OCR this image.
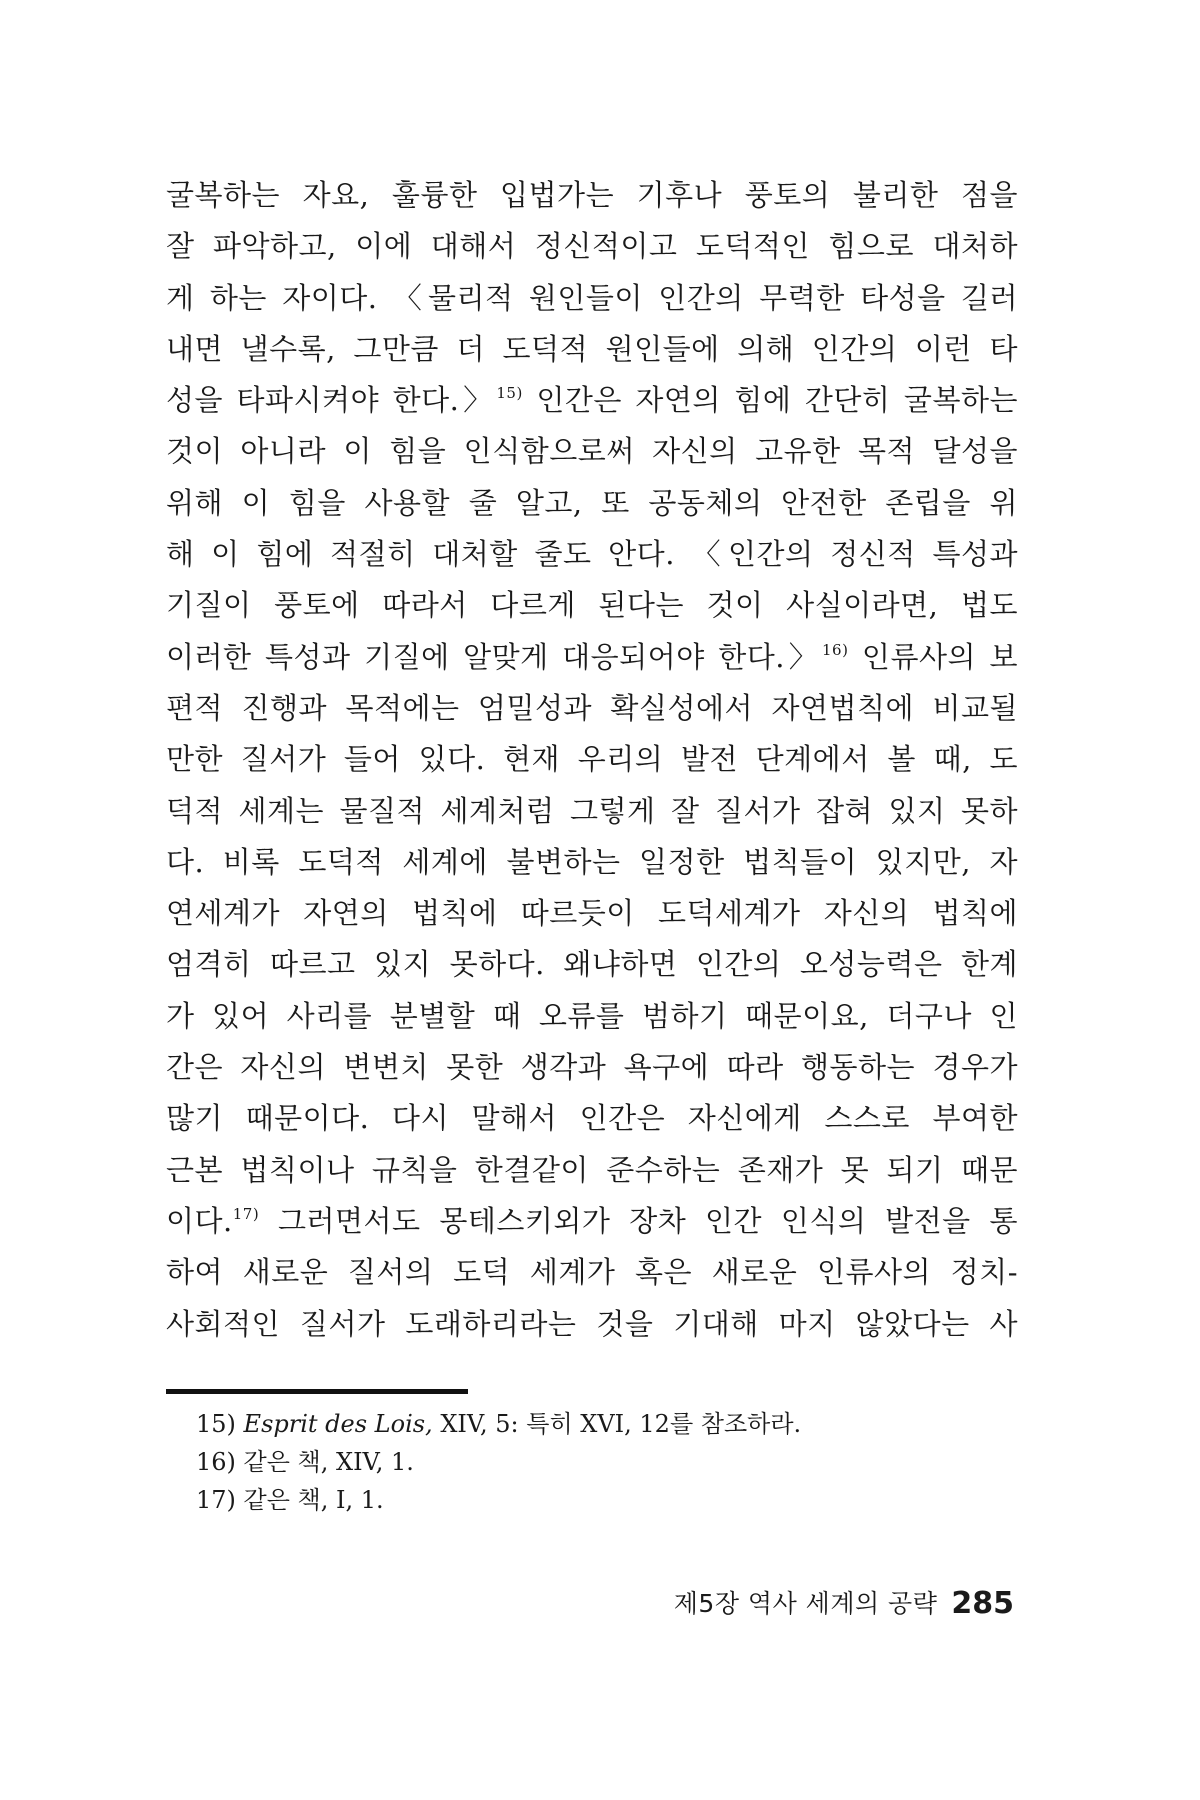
굴복하는 자요, 훌륭한 입법가는 기후나 풍토의 불리한 점을
잘 파악하고, 이에 대해서 정신적이고 도덕적인 힘으로 대처하
게 하는 자이다. 〈물리적 원인들이 인간의 무력한 타성을 길러
내면 낼수록, 그만큼 더 도덕적 원인들에 의해 인간의 이런 타
성을 타파시켜야 한다.〉$^{15)}$ 인간은 자연의 힘에 간단히 굴복하는
것이 아니라 이 힘을 인식함으로써 자신의 고유한 목적 달성을
위해 이 힘을 사용할 줄 알고, 또 공동체의 안전한 존립을 위
해 이 힘에 적절히 대처할 줄도 안다. 〈인간의 정신적 특성과
기질이 풍토에 따라서 다르게 된다는 것이 사실이라면, 법도
이러한 특성과 기질에 알맞게 대응되어야 한다.〉$^{16)}$ 인류사의 보
편적 진행과 목적에는 엄밀성과 확실성에서 자연법칙에 비교될
만한 질서가 들어 있다. 현재 우리의 발전 단계에서 볼 때, 도
덕적 세계는 물질적 세계처럼 그렇게 잘 질서가 잡혀 있지 못하
다. 비록 도덕적 세계에 불변하는 일정한 법칙들이 있지만, 자
연세계가 자연의 법칙에 따르듯이 도덕세계가 자신의 법칙에
엄격히 따르고 있지 못하다. 왜냐하면 인간의 오성능력은 한계
가 있어 사리를 분별할 때 오류를 범하기 때문이요, 더구나 인
간은 자신의 변변치 못한 생각과 욕구에 따라 행동하는 경우가
많기 때문이다. 다시 말해서 인간은 자신에게 스스로 부여한
근본 법칙이나 규칙을 한결같이 준수하는 존재가 못 되기 때문
이다.$^{17)}$ 그러면서도 몽테스키외가 장차 인간 인식의 발전을 통
하여 새로운 질서의 도덕 세계가 혹은 새로운 인류사의 정치-
사회적인 질서가 도래하리라는 것을 기대해 마지 않았다는 사
15) Esprit des Lois, XIV, 5: 특히 XVI, 12를 참조하라.
16) 같은 책, XIV, 1.
17) 같은 책, I, 1.
제5장 역사 세계의 공략 285
